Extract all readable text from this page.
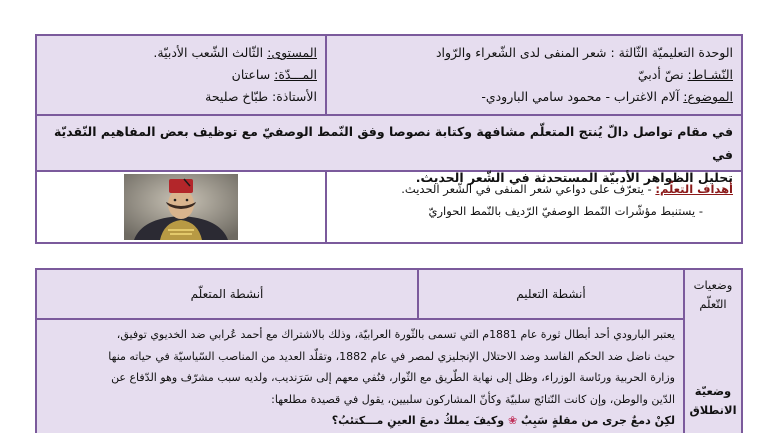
الوحدة التعليميّة الثّالثة : شعر المنفى لدى الشّعراء والرّواد
النّشـاط: نصّ أدبيّ
الموضوع: آلام الاغتراب - محمود سامي البارودي-
المستوى: الثّالث الشّعب الأدبيّة.
المـــدّة: ساعتان
الأستاذة: طبّاخ صليحة

في مقام تواصل دالّ يُنتج المتعلّم مشافهة وكتابة نصوصا وفق النّمط الوصفيّ مع توظيف بعض المفاهيم النّقديّة في

تحليل الظواهر الأدبيّة المستحدثة في الشّعر الحديث.

أهداف التعلّم: - يتعرّف على دواعي شعر المنفى في الشّعر الحديث.
- يستنبط مؤشّرات النّمط الوصفيّ الرّديف بالنّمط الحواريّ
وضعيات
التّعلّم
وضعيّة
الانطلاق
أنشطة التعليم
أنشطة المتعلّم

يعتبر البارودي أحد أبطال ثورة عام 1881م التي تسمى بالثّورة العرابيّة، وذلك بالاشتراك مع أحمد عُرابي ضد الخديوي توفيق،

حيث ناضل ضد الحكم الفاسد وضد الاحتلال الإنجليزي لمصر في عام 1882، وتقلّد العديد من المناصب السّياسيّة في حياته منها

وزارة الحربية ورئاسة الوزراء، وظل إلى نهاية الطّريق مع الثّوار، فنُفي معهم إلى سَرَنديب، ولديه سبب مشرّف وهو الدّفاع عن

الدّين والوطن، وإن كانت النّتائج سلبيّة وكأنّ المشاركون سلبيين، يقول في قصيدة مطلعها:

لكِنْ دمعٌ جرى من مقلةٍ سَبِبٌ ❀ وكيفَ يملكُ دمعَ العينِ مـــكتئبُ؟
